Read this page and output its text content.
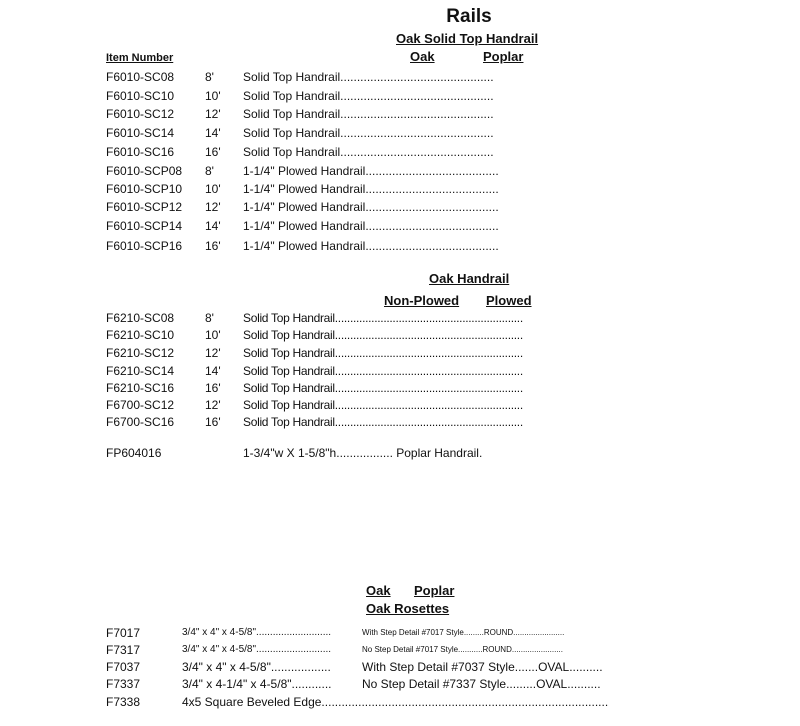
Rails
Oak Solid Top Handrail
Oak	Poplar
Item Number
F6010-SC08	8' Solid Top Handrail..............................................
F6010-SC10	10' Solid Top Handrail..............................................
F6010-SC12	12' Solid Top Handrail..............................................
F6010-SC14	14' Solid Top Handrail..............................................
F6010-SC16	16' Solid Top Handrail..............................................
F6010-SCP08 8' 1-1/4" Plowed Handrail........................................
F6010-SCP10 10' 1-1/4" Plowed Handrail........................................
F6010-SCP12 12' 1-1/4" Plowed Handrail........................................
F6010-SCP14 14' 1-1/4" Plowed Handrail........................................
F6010-SCP16 16' 1-1/4" Plowed Handrail........................................
Oak Handrail
Non-Plowed Plowed
F6210-SC08	8' Solid Top Handrail..............................................................
F6210-SC10	10' Solid Top Handrail..............................................................
F6210-SC12	12' Solid Top Handrail..............................................................
F6210-SC14	14' Solid Top Handrail..............................................................
F6210-SC16	16' Solid Top Handrail..............................................................
F6700-SC12	12' Solid Top Handrail..............................................................
F6700-SC16	16' Solid Top Handrail..............................................................
FP604016	1-3/4"w X 1-5/8"h................. Poplar Handrail.
Oak Poplar
Oak Rosettes
F7017	3/4" x 4" x 4-5/8"...........................	With Step Detail #7017 Style.........ROUND.......................
F7317	3/4" x 4" x 4-5/8"...........................	No Step Detail #7017 Style...........ROUND.......................
F7037	3/4" x 4" x 4-5/8"..................	With Step Detail #7037 Style.......OVAL..........
F7337	3/4" x 4-1/4" x 4-5/8"............	No Step Detail #7337 Style.........OVAL..........
F7338	4x5 Square Beveled Edge......................................................................................
